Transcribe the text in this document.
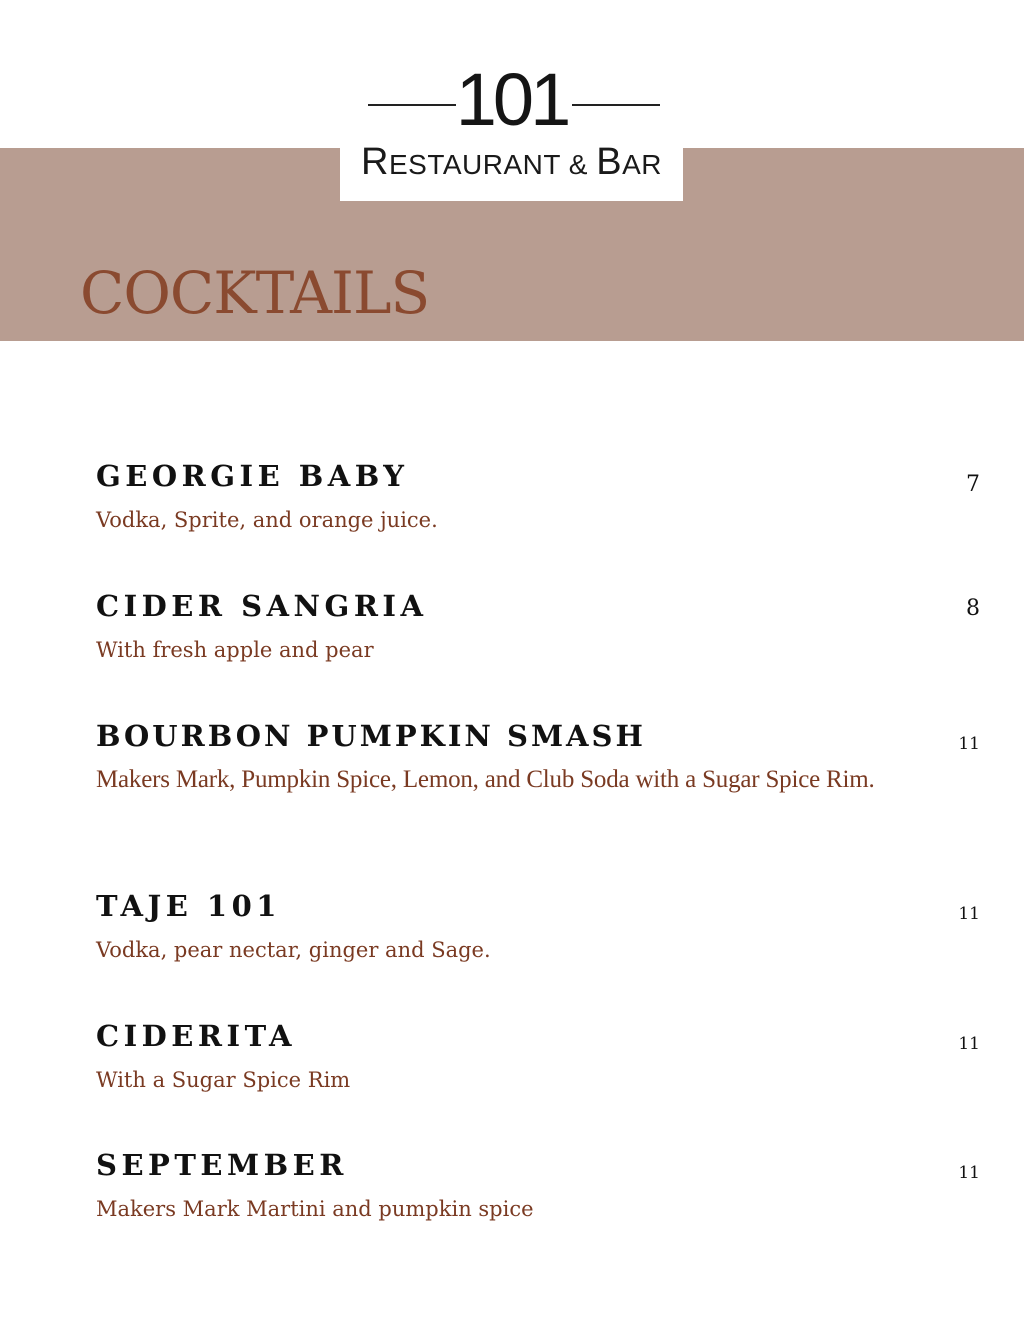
101
RESTAURANT & BAR
COCKTAILS
GEORGIE BABY
Vodka, Sprite, and orange juice.
7
CIDER SANGRIA
With fresh apple and pear
8
BOURBON PUMPKIN SMASH
Makers Mark, Pumpkin Spice, Lemon, and Club Soda with a Sugar Spice Rim.
11
TAJE 101
Vodka, pear nectar, ginger and Sage.
11
CIDERITA
With a Sugar Spice Rim
11
SEPTEMBER
Makers Mark Martini and pumpkin spice
11
